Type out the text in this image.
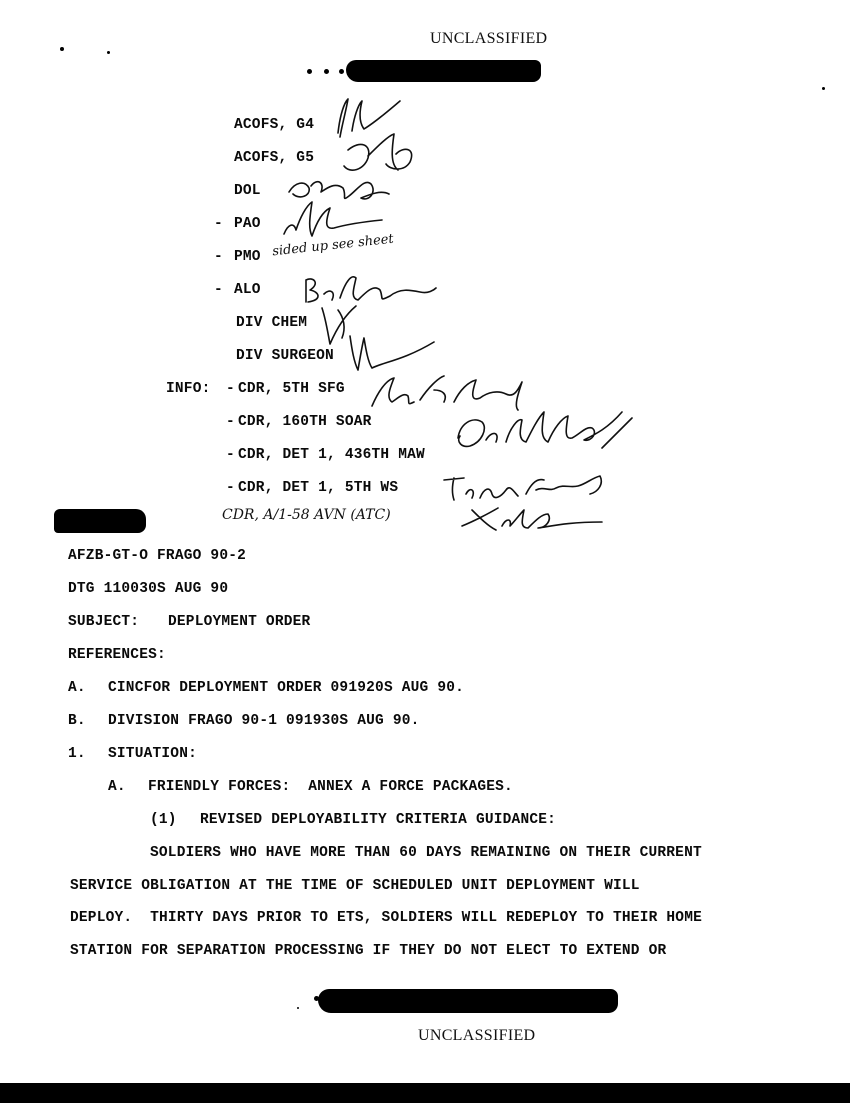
UNCLASSIFIED
ACOFS, G4
ACOFS, G5
DOL
- PAO
- PMO
- ALO
DIV CHEM
DIV SURGEON
INFO: - CDR, 5TH SFG
- CDR, 160TH SOAR
- CDR, DET 1, 436TH MAW
- CDR, DET 1, 5TH WS
sided up see sheet
CDR, A/1-58 AVN (ATC)
AFZB-GT-O FRAGO 90-2
DTG 110030S AUG 90
SUBJECT: DEPLOYMENT ORDER
REFERENCES:
A. CINCFOR DEPLOYMENT ORDER 091920S AUG 90.
B. DIVISION FRAGO 90-1 091930S AUG 90.
1. SITUATION:
A. FRIENDLY FORCES:  ANNEX A FORCE PACKAGES.
(1) REVISED DEPLOYABILITY CRITERIA GUIDANCE:
SOLDIERS WHO HAVE MORE THAN 60 DAYS REMAINING ON THEIR CURRENT
SERVICE OBLIGATION AT THE TIME OF SCHEDULED UNIT DEPLOYMENT WILL
DEPLOY.  THIRTY DAYS PRIOR TO ETS, SOLDIERS WILL REDEPLOY TO THEIR HOME
STATION FOR SEPARATION PROCESSING IF THEY DO NOT ELECT TO EXTEND OR
UNCLASSIFIED
